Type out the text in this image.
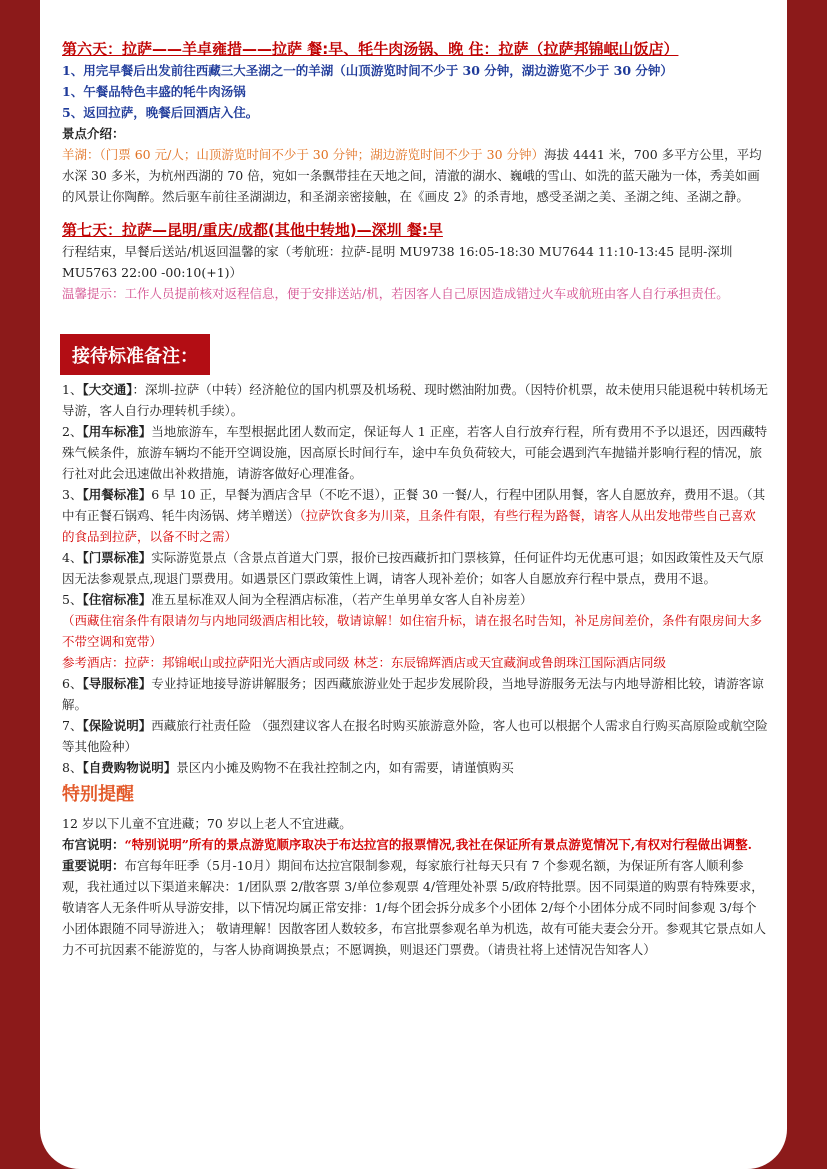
第六天：拉萨——羊卓雍措——拉萨 餐:早、牦牛肉汤锅、晚 住：拉萨（拉萨邦锦岷山饭店）

1、用完早餐后出发前往西藏三大圣湖之一的羊湖（山顶游览时间不少于 30 分钟，湖边游览不少于 30 分钟）

1、午餐品特色丰盛的牦牛肉汤锅

5、返回拉萨，晚餐后回酒店入住。

景点介绍：

羊湖：（门票 60 元/人；山顶游览时间不少于 30 分钟；湖边游览时间不少于 30 分钟）海拔 4441 米，700 多平方公里，平均水深 30 多米，为杭州西湖的 70 倍，宛如一条飘带挂在天地之间，清澈的湖水、巍峨的雪山、如洗的蓝天融为一体，秀美如画的风景让你陶醉。然后驱车前往圣湖湖边，和圣湖亲密接触，在《画皮 2》的杀青地，感受圣湖之美、圣湖之纯、圣湖之静。

第七天：拉萨—昆明/重庆/成都(其他中转地)—深圳 餐:早

行程结束，早餐后送站/机返回温馨的家（考航班：拉萨-昆明 MU9738 16:05-18:30 MU7644 11:10-13:45 昆明-深圳 MU5763 22:00 -00:10(+1)）

温馨提示：工作人员提前核对返程信息，便于安排送站/机，若因客人自己原因造成错过火车或航班由客人自行承担责任。

接待标准备注：

1、【大交通】：深圳-拉萨（中转）经济舱位的国内机票及机场税、现时燃油附加费。（因特价机票，故未使用只能退税中转机场无导游，客人自行办理转机手续）。

2、【用车标准】当地旅游车，车型根据此团人数而定，保证每人 1 正座，若客人自行放弃行程，所有费用不予以退还，因西藏特殊气候条件，旅游车辆均不能开空调设施，因高原长时间行车，途中车负负荷较大，可能会遇到汽车抛锚并影响行程的情况，旅行社对此会迅速做出补救措施，请游客做好心理准备。

3、【用餐标准】6 早 10 正，早餐为酒店含早（不吃不退），正餐 30 一餐/人，行程中团队用餐，客人自愿放弃，费用不退。（其中有正餐石锅鸡、牦牛肉汤锅、烤羊赠送）（拉萨饮食多为川菜，且条件有限，有些行程为路餐，请客人从出发地带些自己喜欢的食品到拉萨，以备不时之需）

4、【门票标准】实际游览景点（含景点首道大门票，报价已按西藏折扣门票核算，任何证件均无优惠可退；如因政策性及天气原因无法参观景点,现退门票费用。如遇景区门票政策性上调，请客人现补差价；如客人自愿放弃行程中景点，费用不退。

5、【住宿标准】准五星标准双人间为全程酒店标准，（若产生单男单女客人自补房差）

（西藏住宿条件有限请勿与内地同级酒店相比较，敬请谅解！如住宿升标，请在报名时告知，补足房间差价，条件有限房间大多不带空调和宽带）

参考酒店：拉萨：邦锦岷山或拉萨阳光大酒店或同级 林芝：东辰锦辉酒店或天宜藏涧或鲁朗珠江国际酒店同级

6、【导服标准】专业持证地接导游讲解服务；因西藏旅游业处于起步发展阶段，当地导游服务无法与内地导游相比较，请游客谅解。

7、【保险说明】西藏旅行社责任险 （强烈建议客人在报名时购买旅游意外险，客人也可以根据个人需求自行购买高原险或航空险等其他险种）

8、【自费购物说明】景区内小摊及购物不在我社控制之内，如有需要，请谨慎购买

特别提醒

12 岁以下儿童不宜进藏；70 岁以上老人不宜进藏。

布宫说明：“特别说明”所有的景点游览顺序取决于布达拉宫的报票情况,我社在保证所有景点游览情况下,有权对行程做出调整.

重要说明：布宫每年旺季（5月-10月）期间布达拉宫限制参观，每家旅行社每天只有 7 个参观名额，为保证所有客人顺利参观，我社通过以下渠道来解决：1/团队票 2/散客票 3/单位参观票 4/管理处补票 5/政府特批票。因不同渠道的购票有特殊要求，敬请客人无条件听从导游安排，以下情况均属正常安排：1/每个团会拆分成多个小团体 2/每个小团体分成不同时间参观 3/每个小团体跟随不同导游进入； 敬请理解！因散客团人数较多，布宫批票参观名单为机选，故有可能夫妻会分开。参观其它景点如人力不可抗因素不能游览的，与客人协商调换景点；不愿调换，则退还门票费。（请贵社将上述情况告知客人）
